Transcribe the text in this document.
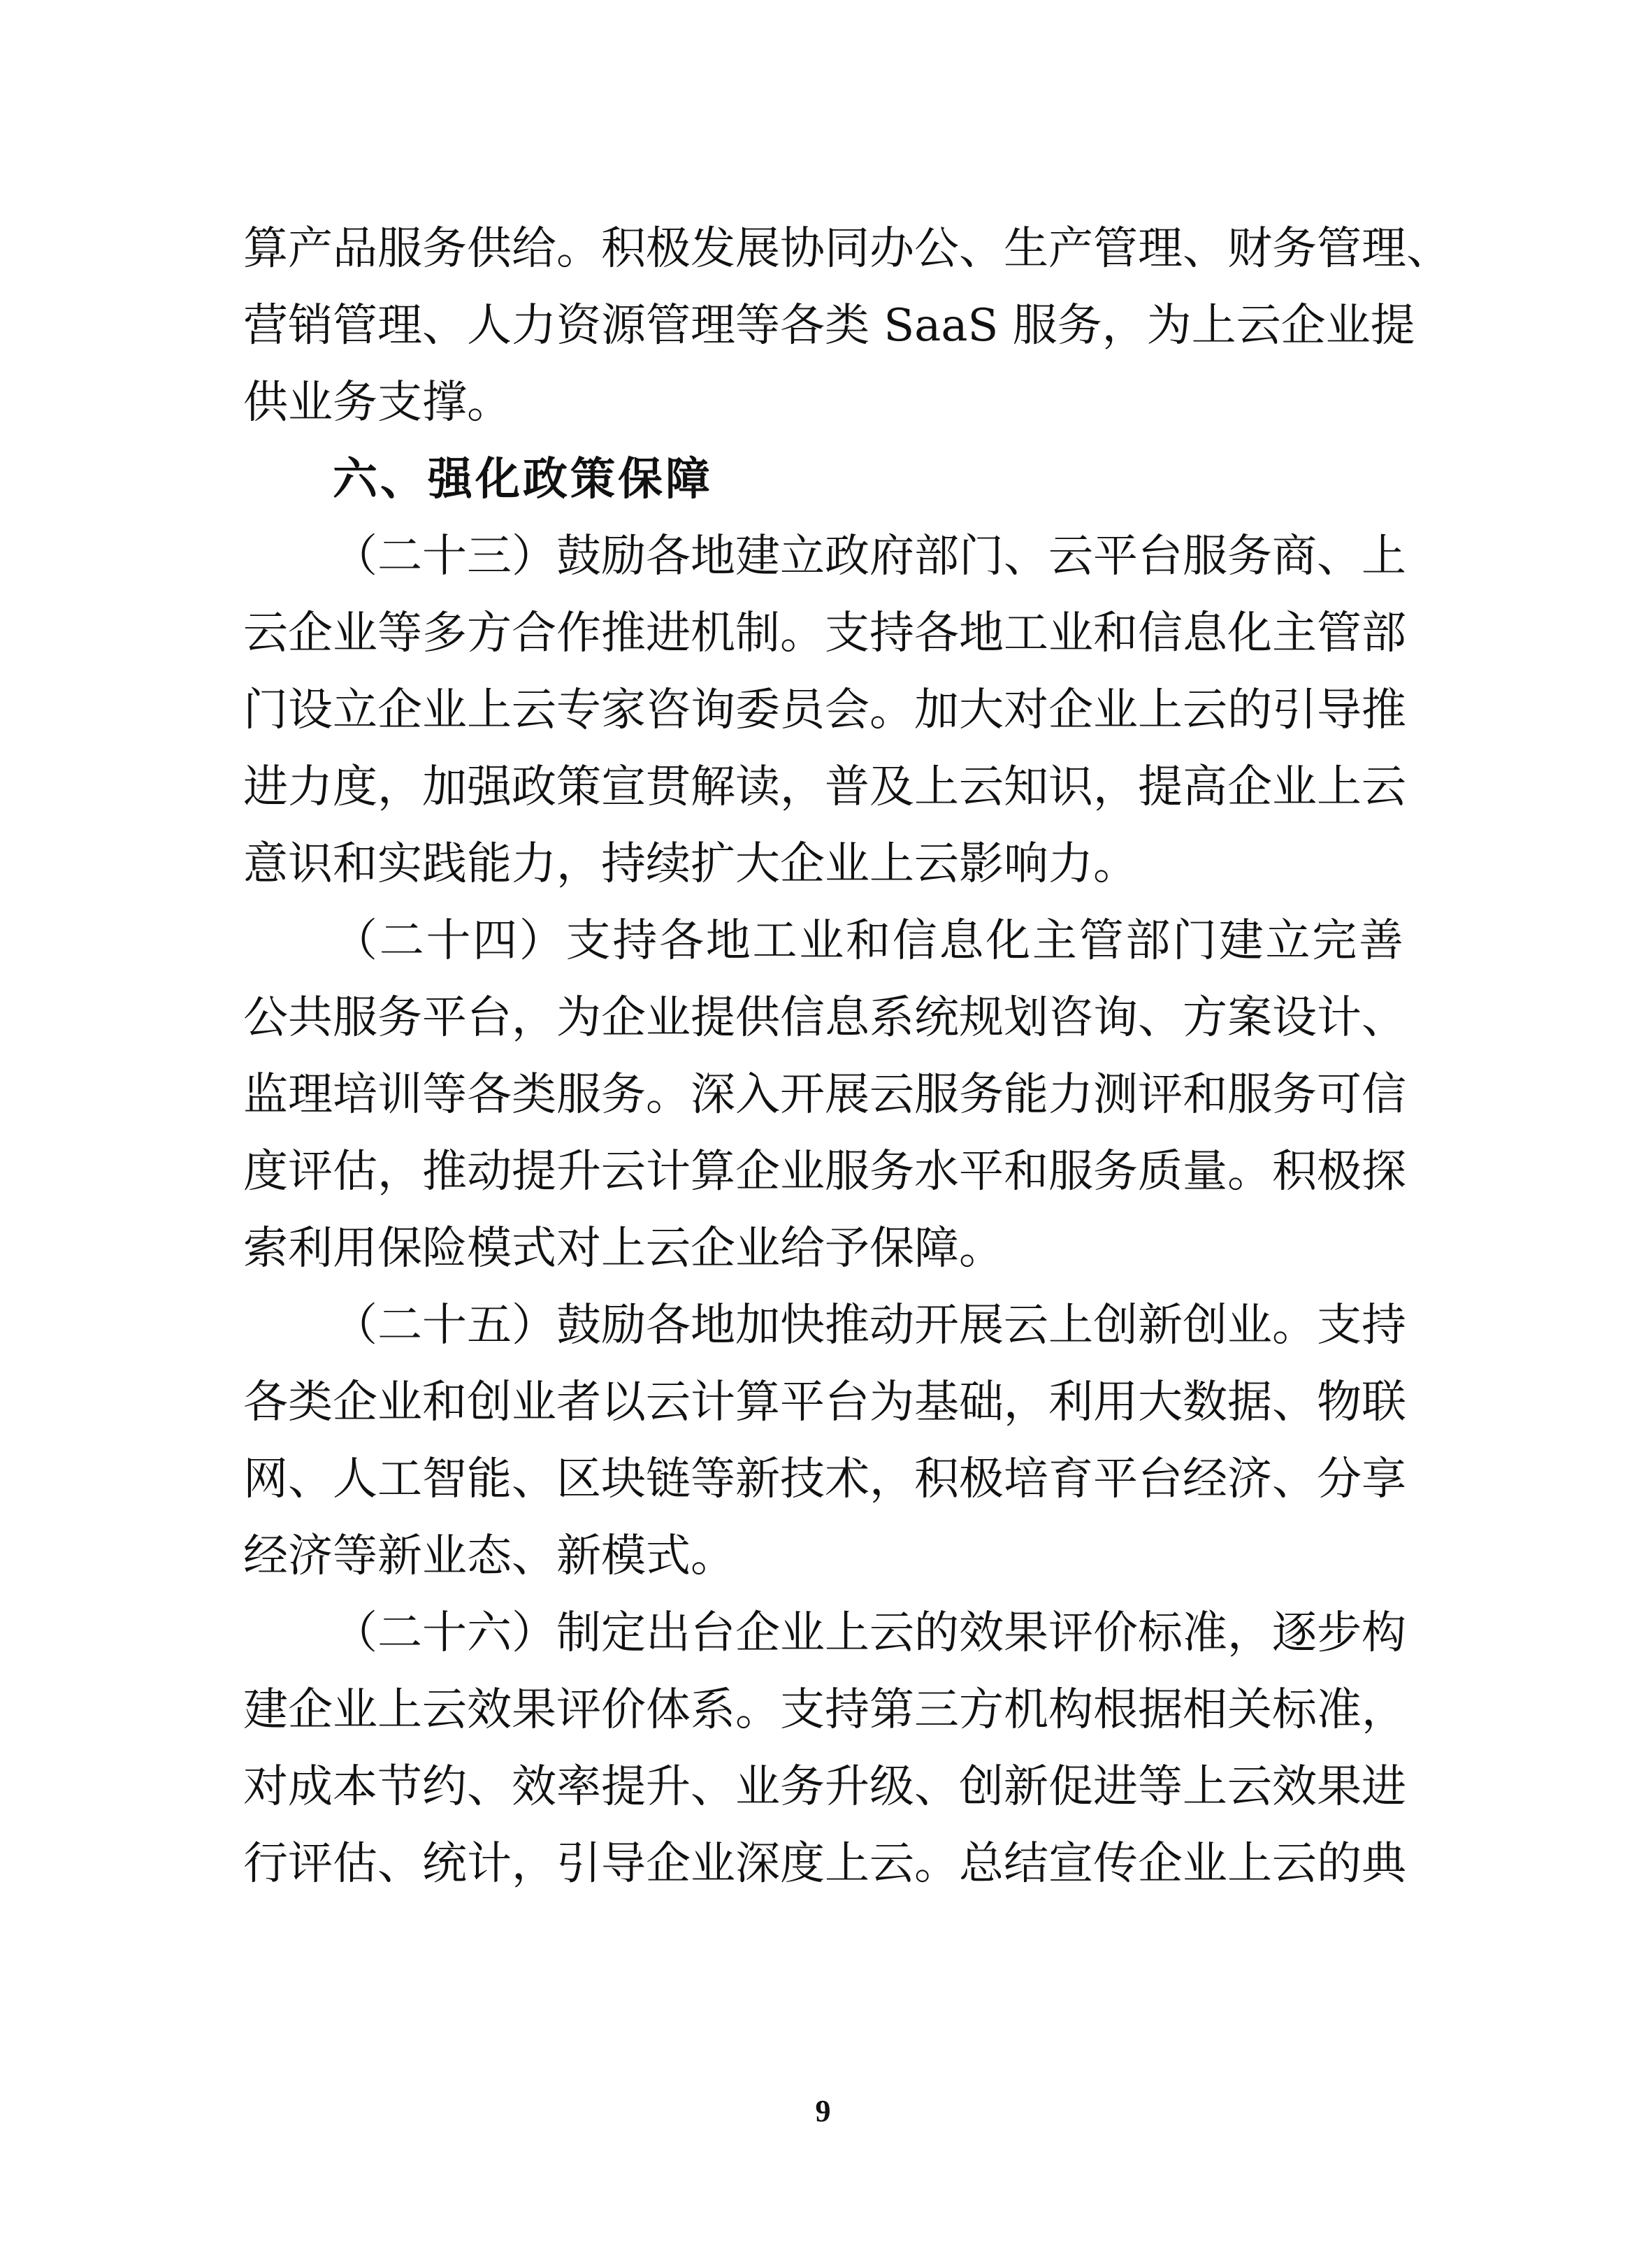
算产品服务供给。积极发展协同办公、生产管理、财务管理、
营销管理、人力资源管理等各类 SaaS 服务，为上云企业提
供业务支撑。
六、强化政策保障
（二十三）鼓励各地建立政府部门、云平台服务商、上
云企业等多方合作推进机制。支持各地工业和信息化主管部
门设立企业上云专家咨询委员会。加大对企业上云的引导推
进力度，加强政策宣贯解读，普及上云知识，提高企业上云
意识和实践能力，持续扩大企业上云影响力。
（二十四）支持各地工业和信息化主管部门建立完善
公共服务平台，为企业提供信息系统规划咨询、方案设计、
监理培训等各类服务。深入开展云服务能力测评和服务可信
度评估，推动提升云计算企业服务水平和服务质量。积极探
索利用保险模式对上云企业给予保障。
（二十五）鼓励各地加快推动开展云上创新创业。支持
各类企业和创业者以云计算平台为基础，利用大数据、物联
网、人工智能、区块链等新技术，积极培育平台经济、分享
经济等新业态、新模式。
（二十六）制定出台企业上云的效果评价标准，逐步构
建企业上云效果评价体系。支持第三方机构根据相关标准，
对成本节约、效率提升、业务升级、创新促进等上云效果进
行评估、统计，引导企业深度上云。总结宣传企业上云的典
9
